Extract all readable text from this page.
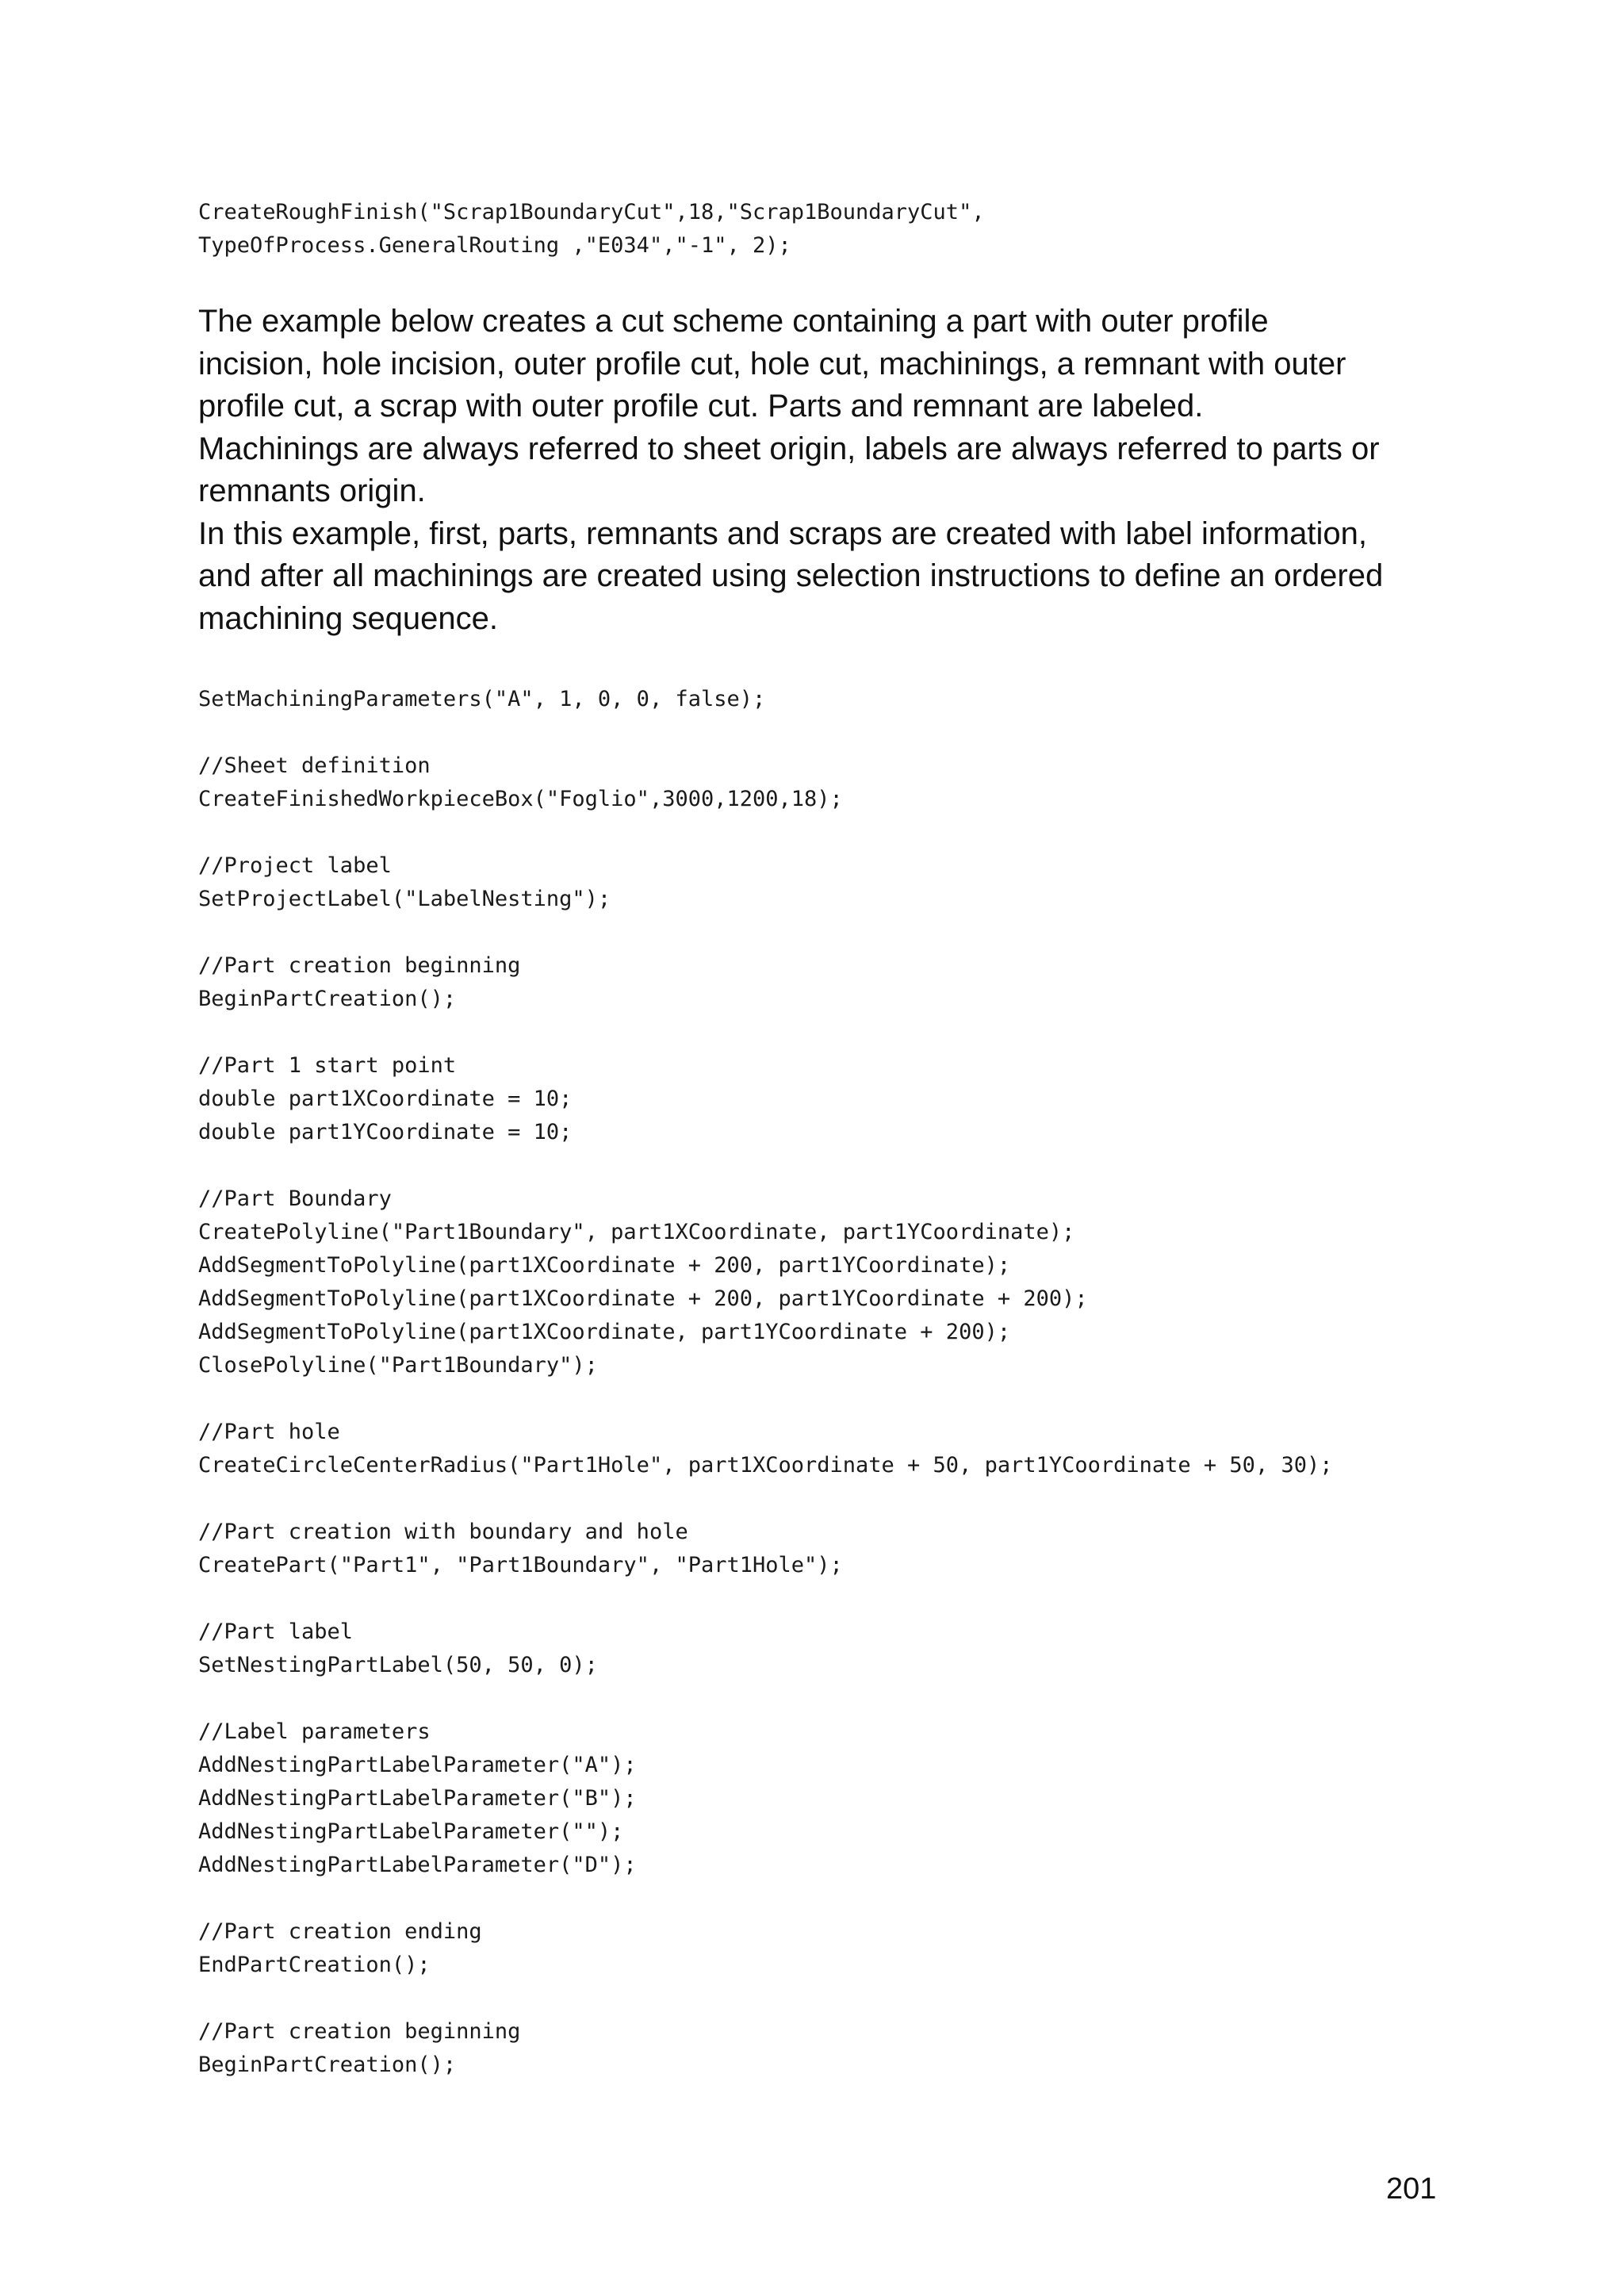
CreateRoughFinish("Scrap1BoundaryCut",18,"Scrap1BoundaryCut",
TypeOfProcess.GeneralRouting ,"E034","-1", 2);
The example below creates a cut scheme containing a part with outer profile
incision, hole incision, outer profile cut, hole cut, machinings, a remnant with outer
profile cut, a scrap with outer profile cut. Parts and remnant are labeled.
Machinings are always referred to sheet origin, labels are always referred to parts or
remnants origin.
In this example, first, parts, remnants and scraps are created with label information,
and after all machinings are created using selection instructions to define an ordered
machining sequence.
SetMachiningParameters("A", 1, 0, 0, false);
//Sheet definition
CreateFinishedWorkpieceBox("Foglio",3000,1200,18);
//Project label
SetProjectLabel("LabelNesting");
//Part creation beginning
BeginPartCreation();
//Part 1 start point
double part1XCoordinate = 10;
double part1YCoordinate = 10;
//Part Boundary
CreatePolyline("Part1Boundary", part1XCoordinate, part1YCoordinate);
AddSegmentToPolyline(part1XCoordinate + 200, part1YCoordinate);
AddSegmentToPolyline(part1XCoordinate + 200, part1YCoordinate + 200);
AddSegmentToPolyline(part1XCoordinate, part1YCoordinate + 200);
ClosePolyline("Part1Boundary");
//Part hole
CreateCircleCenterRadius("Part1Hole", part1XCoordinate + 50, part1YCoordinate + 50, 30);
//Part creation with boundary and hole
CreatePart("Part1", "Part1Boundary", "Part1Hole");
//Part label
SetNestingPartLabel(50, 50, 0);
//Label parameters
AddNestingPartLabelParameter("A");
AddNestingPartLabelParameter("B");
AddNestingPartLabelParameter("");
AddNestingPartLabelParameter("D");
//Part creation ending
EndPartCreation();
//Part creation beginning
BeginPartCreation();
201
